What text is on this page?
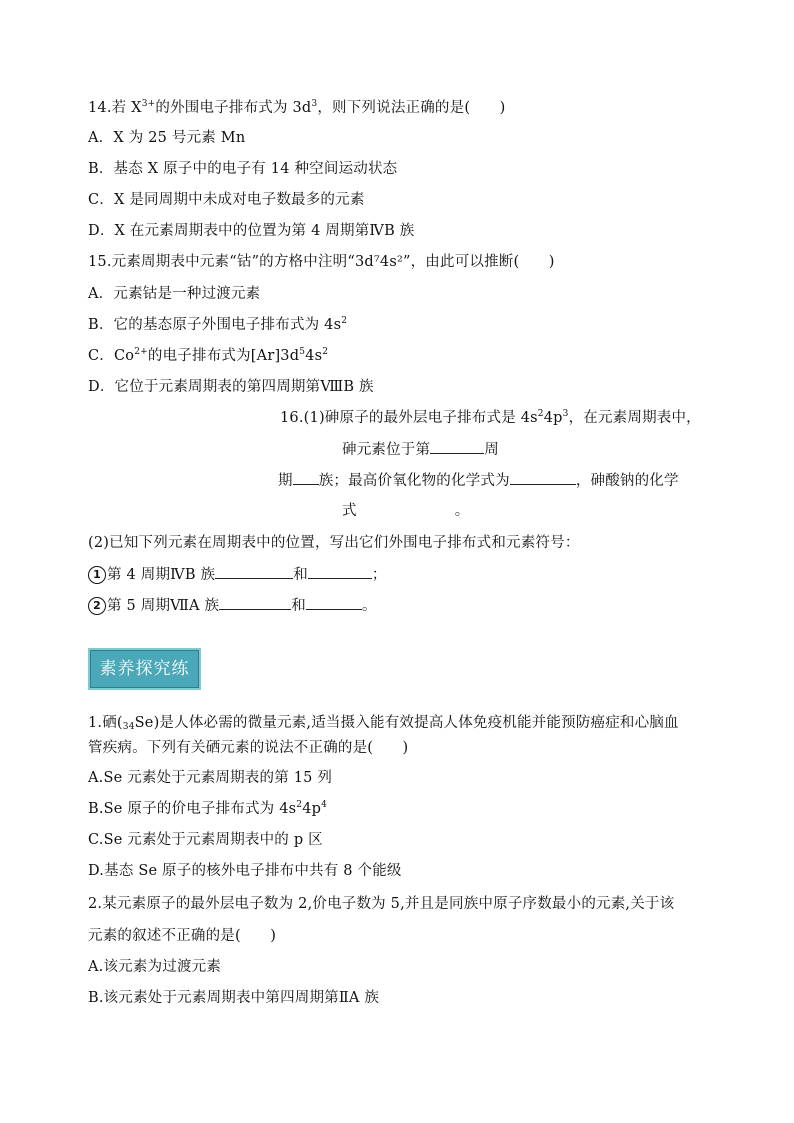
14.若 $X^{3+}$的外围电子排布式为 $3d^3$，则下列说法正确的是(　　)
A．X 为 25 号元素 Mn
B．基态 X 原子中的电子有 14 种空间运动状态
C．X 是同周期中未成对电子数最多的元素
D．X 在元素周期表中的位置为第 4 周期第ⅣB 族
15.元素周期表中元素“钴”的方格中注明“3d⁷4s²”，由此可以推断(　　)
A．元素钴是一种过渡元素
B．它的基态原子外围电子排布式为 $4s^2$
C．$Co^{2+}$的电子排布式为$[Ar]3d^54s^2$
D．它位于元素周期表的第四周期第ⅧB 族
16.(1)砷原子的最外层电子排布式是 $4s^24p^3$，在元素周期表中，
砷元素位于第	周
期 族；最高价氧化物的化学式为	，砷酸钠的化学
式	。
(2)已知下列元素在周期表中的位置，写出它们外围电子排布式和元素符号：
1 第 4 周期ⅣB 族	和	；
2 第 5 周期ⅦA 族	和	。
素养探究练
1.硒$(_{34}Se)$是人体必需的微量元素,适当摄入能有效提高人体免疫机能并能预防癌症和心脑血
管疾病。下列有关硒元素的说法不正确的是(　　)
A.Se 元素处于元素周期表的第 15 列
B.Se 原子的价电子排布式为 $4s^24p^4$
C.Se 元素处于元素周期表中的 p 区
D.基态 Se 原子的核外电子排布中共有 8 个能级
2.某元素原子的最外层电子数为 2,价电子数为 5,并且是同族中原子序数最小的元素,关于该
元素的叙述不正确的是(　　)
A.该元素为过渡元素
B.该元素处于元素周期表中第四周期第ⅡA 族
